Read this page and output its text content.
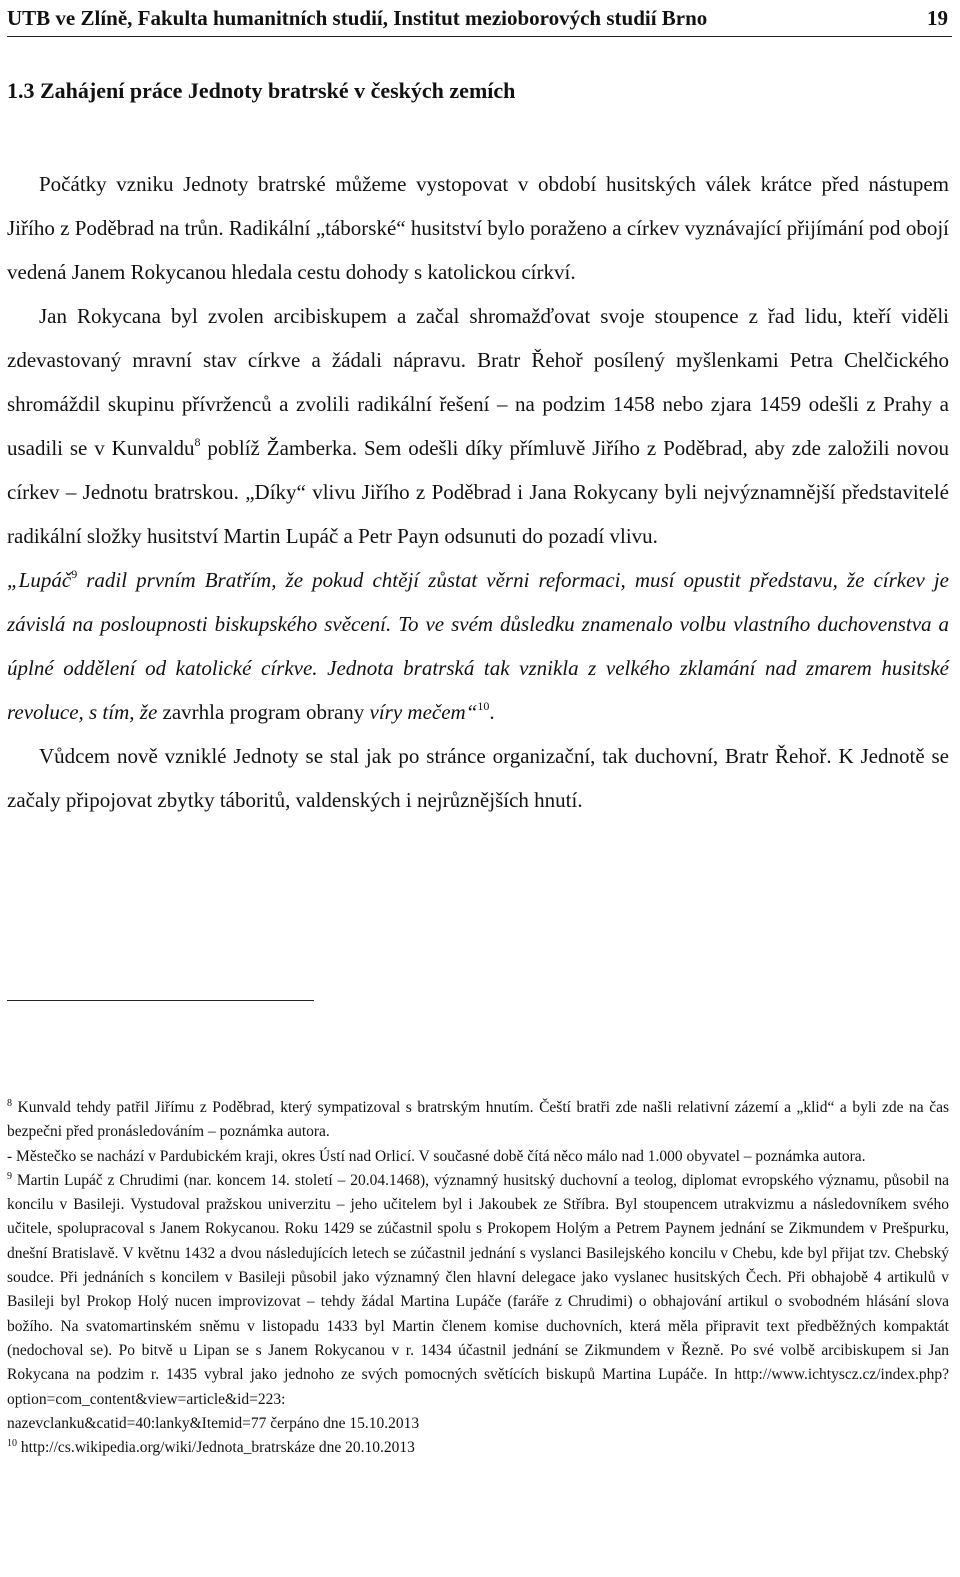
UTB ve Zlíně, Fakulta humanitních studií, Institut mezioborových studií Brno	19
1.3 Zahájení práce Jednoty bratrské v českých zemích

Počátky vzniku Jednoty bratrské můžeme vystopovat v období husitských válek krátce před nástupem Jiřího z Poděbrad na trůn. Radikální „táborské“ husitství bylo poraženo a církev vyznávající přijímání pod obojí vedená Janem Rokycanou hledala cestu dohody s katolickou církví.

Jan Rokycana byl zvolen arcibiskupem a začal shromažďovat svoje stoupence z řad lidu, kteří viděli zdevastovaný mravní stav církve a žádali nápravu. Bratr Řehoř posílený myšlenkami Petra Chelčického shromáždil skupinu přívrženců a zvolili radikální řešení – na podzim 1458 nebo zjara 1459 odešli z Prahy a usadili se v Kunvaldu$^8$ poblíž Žamberka. Sem odešli díky přímluvě Jiřího z Poděbrad, aby zde založili novou církev – Jednotu bratrskou. „Díky“ vlivu Jiřího z Poděbrad i Jana Rokycany byli nejvýznamnější představitelé radikální složky husitství Martin Lupáč a Petr Payn odsunuti do pozadí vlivu.

„Lupáč$^9$ radil prvním Bratřím, že pokud chtějí zůstat věrni reformaci, musí opustit představu, že církev je závislá na posloupnosti biskupského svěcení. To ve svém důsledku znamenalo volbu vlastního duchovenstva a úplné oddělení od katolické církve. Jednota bratrská tak vznikla z velkého zklamání nad zmarem husitské revoluce, s tím, že zavrhla program obrany víry mečem“$^{10}$.

Vůdcem nově vzniklé Jednoty se stal jak po stránce organizační, tak duchovní, Bratr Řehoř. K Jednotě se začaly připojovat zbytky táboritů, valdenských i nejrůznějších hnutí.

$^8$ Kunvald tehdy patřil Jiřímu z Poděbrad, který sympatizoval s bratrským hnutím. Čeští bratři zde našli relativní zázemí a „klid“ a byli zde na čas bezpečni před pronásledováním – poznámka autora.

- Městečko se nachází v Pardubickém kraji, okres Ústí nad Orlicí. V současné době čítá něco málo nad 1.000 obyvatel – poznámka autora.

$^9$ Martin Lupáč z Chrudimi (nar. koncem 14. století – 20.04.1468), významný husitský duchovní a teolog, diplomat evropského významu, působil na koncilu v Basileji. Vystudoval pražskou univerzitu – jeho učitelem byl i Jakoubek ze Stříbra. Byl stoupencem utrakvizmu a následovníkem svého učitele, spolupracoval s Janem Rokycanou. Roku 1429 se zúčastnil spolu s Prokopem Holým a Petrem Paynem jednání se Zikmundem v Prešpurku, dnešní Bratislavě. V květnu 1432 a dvou následujících letech se zúčastnil jednání s vyslanci Basilejského koncilu v Chebu, kde byl přijat tzv. Chebský soudce. Při jednáních s koncilem v Basileji působil jako významný člen hlavní delegace jako vyslanec husitských Čech. Při obhajobě 4 artikulů v Basileji byl Prokop Holý nucen improvizovat – tehdy žádal Martina Lupáče (faráře z Chrudimi) o obhajování artikul o svobodném hlásání slova božího. Na svatomartinském sněmu v listopadu 1433 byl Martin členem komise duchovních, která měla připravit text předběžných kompaktát (nedochoval se). Po bitvě u Lipan se s Janem Rokycanou v r. 1434 účastnil jednání se Zikmundem v Řezně. Po své volbě arcibiskupem si Jan Rokycana na podzim r. 1435 vybral jako jednoho ze svých pomocných světících biskupů Martina Lupáče. In http://www.ichtyscz.cz/index.php?option=com_content&view=article&id=223:

nazevclanku&catid=40:lanky&Itemid=77 čerpáno dne 15.10.2013

$^{10}$ http://cs.wikipedia.org/wiki/Jednota_bratrskáze dne 20.10.2013
